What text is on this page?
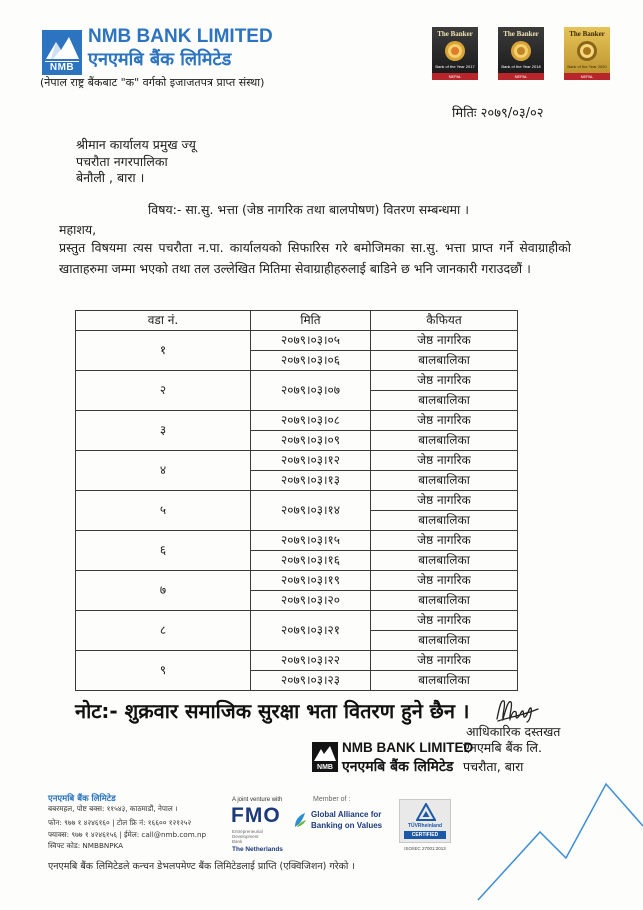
NMB
NMB BANK LIMITED
एनएमबि बैंक लिमिटेड
(नेपाल राष्ट्र बैंकबाट "क" वर्गको इजाजतपत्र प्राप्त संस्था)
The Banker
Bank of the Year 2017
NEPAL
The Banker
Bank of the Year 2018
NEPAL
The Banker
Bank of the Year 2020
NEPAL
मितिः २०७९/०३/०२
श्रीमान कार्यालय प्रमुख ज्यू
पचरौता नगरपालिका
बेनौली , बारा ।
विषय:- सा.सु. भत्ता (जेष्ठ नागरिक तथा बालपोषण) वितरण सम्बन्धमा ।
महाशय,
प्रस्तुत विषयमा त्यस पचरौता न.पा. कार्यालयको सिफारिस गरे बमोजिमका सा.सु. भत्ता प्राप्त गर्ने सेवाग्राहीको खाताहरुमा जम्मा भएको तथा तल उल्लेखित मितिमा सेवाग्राहीहरुलाई बाडिने छ भनि जानकारी गराउदछौं ।
वडा नं.	मिति	कैफियत
१	२०७९।०३।०५	जेष्ठ नागरिक
	२०७९।०३।०६	बालबालिका
२	२०७९।०३।०७	जेष्ठ नागरिक
		बालबालिका
३	२०७९।०३।०८	जेष्ठ नागरिक
	२०७९।०३।०९	बालबालिका
४	२०७९।०३।१२	जेष्ठ नागरिक
	२०७९।०३।१३	बालबालिका
५	२०७९।०३।१४	जेष्ठ नागरिक
		बालबालिका
६	२०७९।०३।१५	जेष्ठ नागरिक
	२०७९।०३।१६	बालबालिका
७	२०७९।०३।१९	जेष्ठ नागरिक
	२०७९।०३।२०	बालबालिका
८	२०७९।०३।२१	जेष्ठ नागरिक
		बालबालिका
९	२०७९।०३।२२	जेष्ठ नागरिक
	२०७९।०३।२३	बालबालिका
नोट:- शुक्रवार समाजिक सुरक्षा भता वितरण हुने छैन ।
आधिकारिक दस्तखत
NMB
NMB BANK LIMITED
एनएमबि बैंक लिमिटेड
एनएमबि बैंक लि.
पचरौता, बारा
एनएमबि बैंक लिमिटेड
बबरमहल, पोष्ट बक्स: ११५४३, काठमाडौं, नेपाल ।
फोन: ९७७ १ ४२४६१६० | टोल फ्रि नं: १६६०० १२१२५२
फ्याक्स: ९७७ १ ४२४६१५६ | ईमेल: call@nmb.com.np
स्विफ्ट कोड: NMBBNPKA
A joint venture with
FMO
Entrepreneurial
Development
Bank
The Netherlands
Member of :
Global Alliance for
Banking on Values	TÜVRheinland
CERTIFIED
ISO/IEC 27001:2013
एनएमबि बैंक लिमिटेडले कन्चन डेभलपमेण्ट बैंक लिमिटेडलाई प्राप्ति (एक्विजिशन) गरेको ।
